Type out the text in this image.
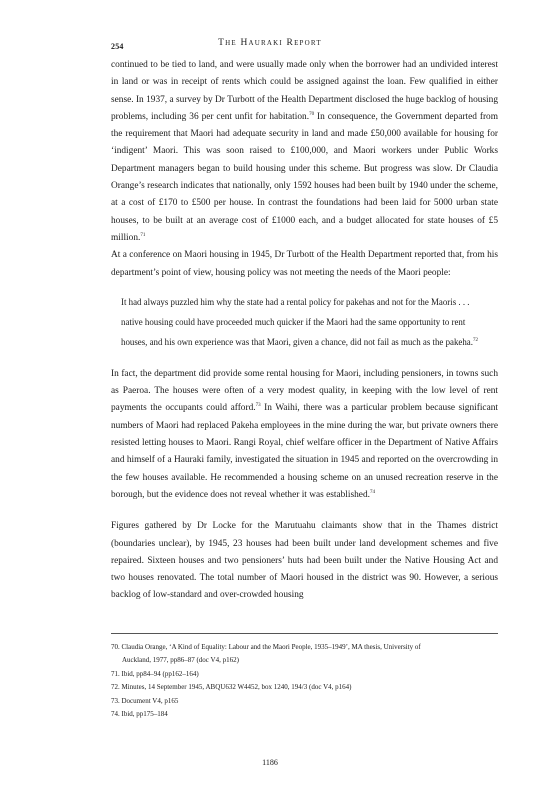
254	The Hauraki Report

continued to be tied to land, and were usually made only when the borrower had an undivided interest in land or was in receipt of rents which could be assigned against the loan. Few qualified in either sense. In 1937, a survey by Dr Turbott of the Health Department disclosed the huge backlog of housing problems, including 36 per cent unfit for habitation.$^{70}$ In consequence, the Government departed from the requirement that Maori had adequate security in land and made £50,000 available for housing for ‘indigent’ Maori. This was soon raised to £100,000, and Maori workers under Public Works Department managers began to build housing under this scheme. But progress was slow. Dr Claudia Orange’s research indicates that nationally, only 1592 houses had been built by 1940 under the scheme, at a cost of £170 to £500 per house. In contrast the foundations had been laid for 5000 urban state houses, to be built at an average cost of £1000 each, and a budget allocated for state houses of £5 million.$^{71}$

At a conference on Maori housing in 1945, Dr Turbott of the Health Department reported that, from his department’s point of view, housing policy was not meeting the needs of the Maori people:

It had always puzzled him why the state had a rental policy for pakehas and not for the Maoris . . . native housing could have proceeded much quicker if the Maori had the same opportunity to rent houses, and his own experience was that Maori, given a chance, did not fail as much as the pakeha.$^{72}$

In fact, the department did provide some rental housing for Maori, including pensioners, in towns such as Paeroa. The houses were often of a very modest quality, in keeping with the low level of rent payments the occupants could afford.$^{73}$ In Waihi, there was a particular problem because significant numbers of Maori had replaced Pakeha employees in the mine during the war, but private owners there resisted letting houses to Maori. Rangi Royal, chief welfare officer in the Department of Native Affairs and himself of a Hauraki family, investigated the situation in 1945 and reported on the overcrowding in the few houses available. He recommended a housing scheme on an unused recreation reserve in the borough, but the evidence does not reveal whether it was established.$^{74}$

Figures gathered by Dr Locke for the Marutuahu claimants show that in the Thames district (boundaries unclear), by 1945, 23 houses had been built under land development schemes and five repaired. Sixteen houses and two pensioners’ huts had been built under the Native Housing Act and two houses renovated. The total number of Maori housed in the district was 90. However, a serious backlog of low-standard and over-crowded housing

70. Claudia Orange, ‘A Kind of Equality: Labour and the Maori People, 1935–1949’, MA thesis, University of

Auckland, 1977, pp86–87 (doc V4, p162)

71. Ibid, pp84–94 (pp162–164)

72. Minutes, 14 September 1945, ABQU632 W4452, box 1240, 194/3 (doc V4, p164)

73. Document V4, p165

74. Ibid, pp175–184

1186
